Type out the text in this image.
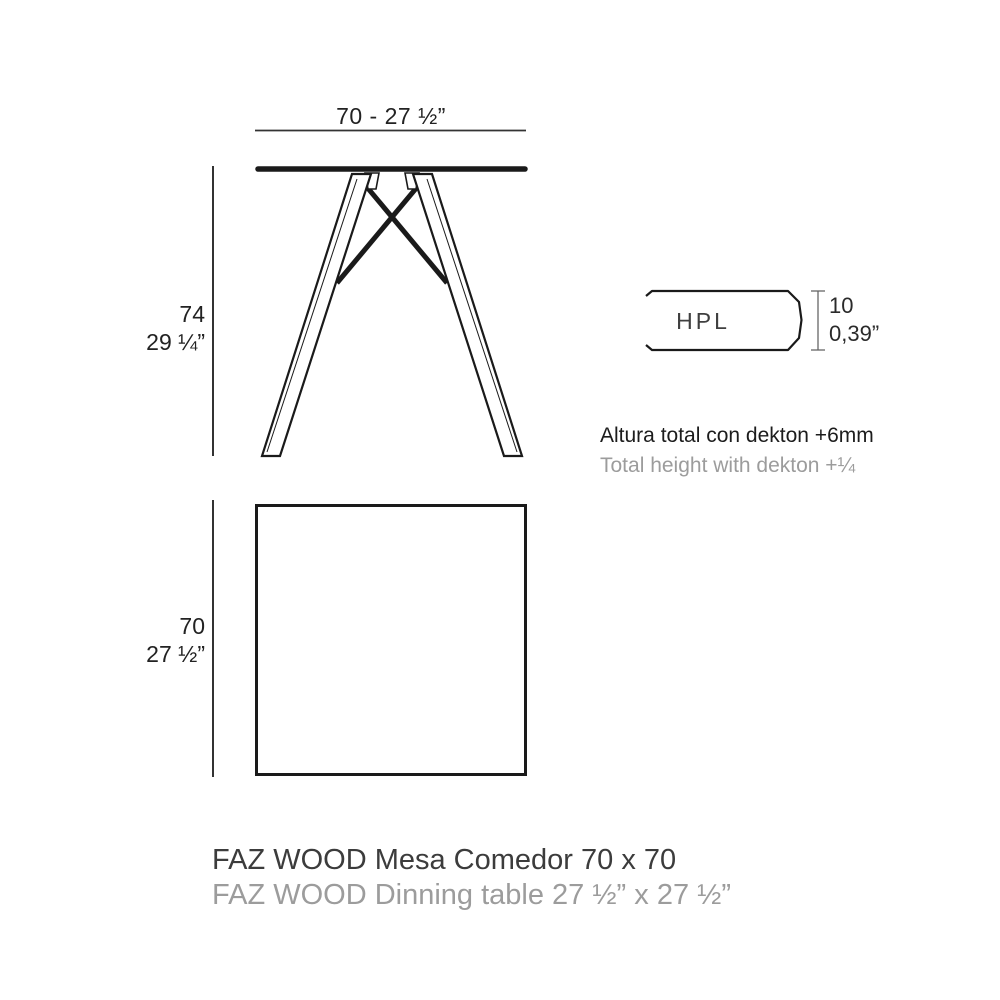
70 - 27 ½”
74
29 ¼”
HPL
10
0,39”
Altura total con dekton +6mm
Total height with dekton +¼
70
27 ½”
FAZ WOOD Mesa Comedor 70 x 70
FAZ WOOD Dinning table 27 ½” x 27 ½”
